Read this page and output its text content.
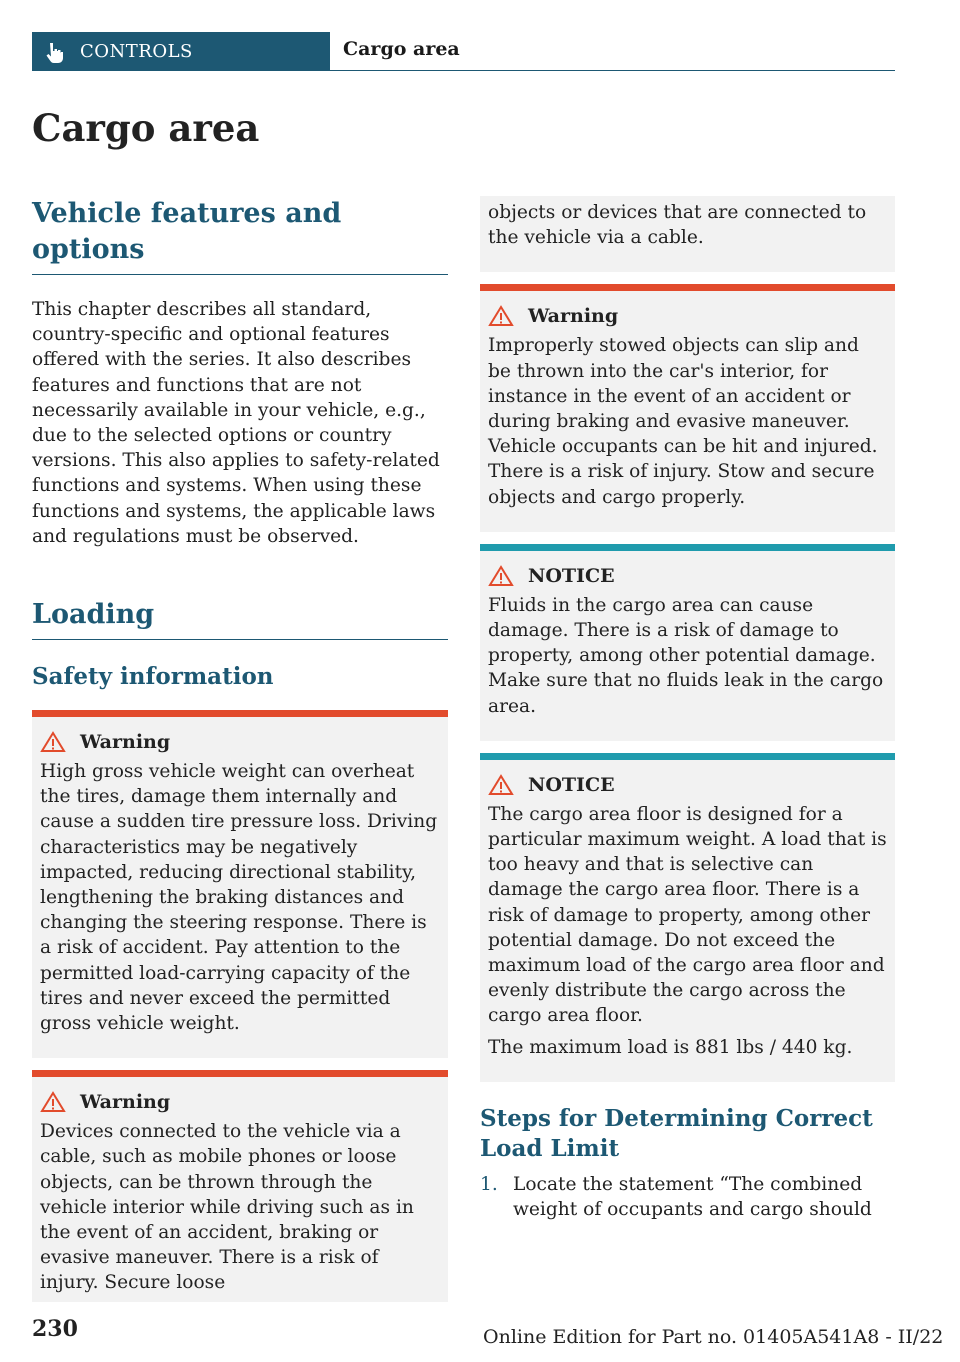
CONTROLS	Cargo area
Cargo area
Vehicle features and options

This chapter describes all standard, country-specific and optional features offered with the series. It also describes features and functions that are not necessarily available in your vehicle, e.g., due to the selected options or country versions. This also applies to safety-related functions and systems. When using these functions and systems, the applicable laws and regulations must be observed.

Loading
Safety information
Warning

High gross vehicle weight can overheat the tires, damage them internally and cause a sudden tire pressure loss. Driving characteristics may be negatively impacted, reducing directional stability, lengthening the braking distances and changing the steering response. There is a risk of accident. Pay attention to the permitted load-carrying capacity of the tires and never exceed the permitted gross vehicle weight.

Warning

Devices connected to the vehicle via a cable, such as mobile phones or loose objects, can be thrown through the vehicle interior while driving such as in the event of an accident, braking or evasive maneuver. There is a risk of injury. Secure loose

objects or devices that are connected to the vehicle via a cable.

Warning

Improperly stowed objects can slip and be thrown into the car's interior, for instance in the event of an accident or during braking and evasive maneuver. Vehicle occupants can be hit and injured. There is a risk of injury. Stow and secure objects and cargo properly.

NOTICE

Fluids in the cargo area can cause damage. There is a risk of damage to property, among other potential damage. Make sure that no fluids leak in the cargo area.

NOTICE

The cargo area floor is designed for a particular maximum weight. A load that is too heavy and that is selective can damage the cargo area floor. There is a risk of damage to property, among other potential damage. Do not exceed the maximum load of the cargo area floor and evenly distribute the cargo across the cargo area floor.

The maximum load is 881 lbs / 440 kg.

Steps for Determining Correct Load Limit
1. Locate the statement “The combined weight of occupants and cargo should
230	Online Edition for Part no. 01405A541A8 - II/22
